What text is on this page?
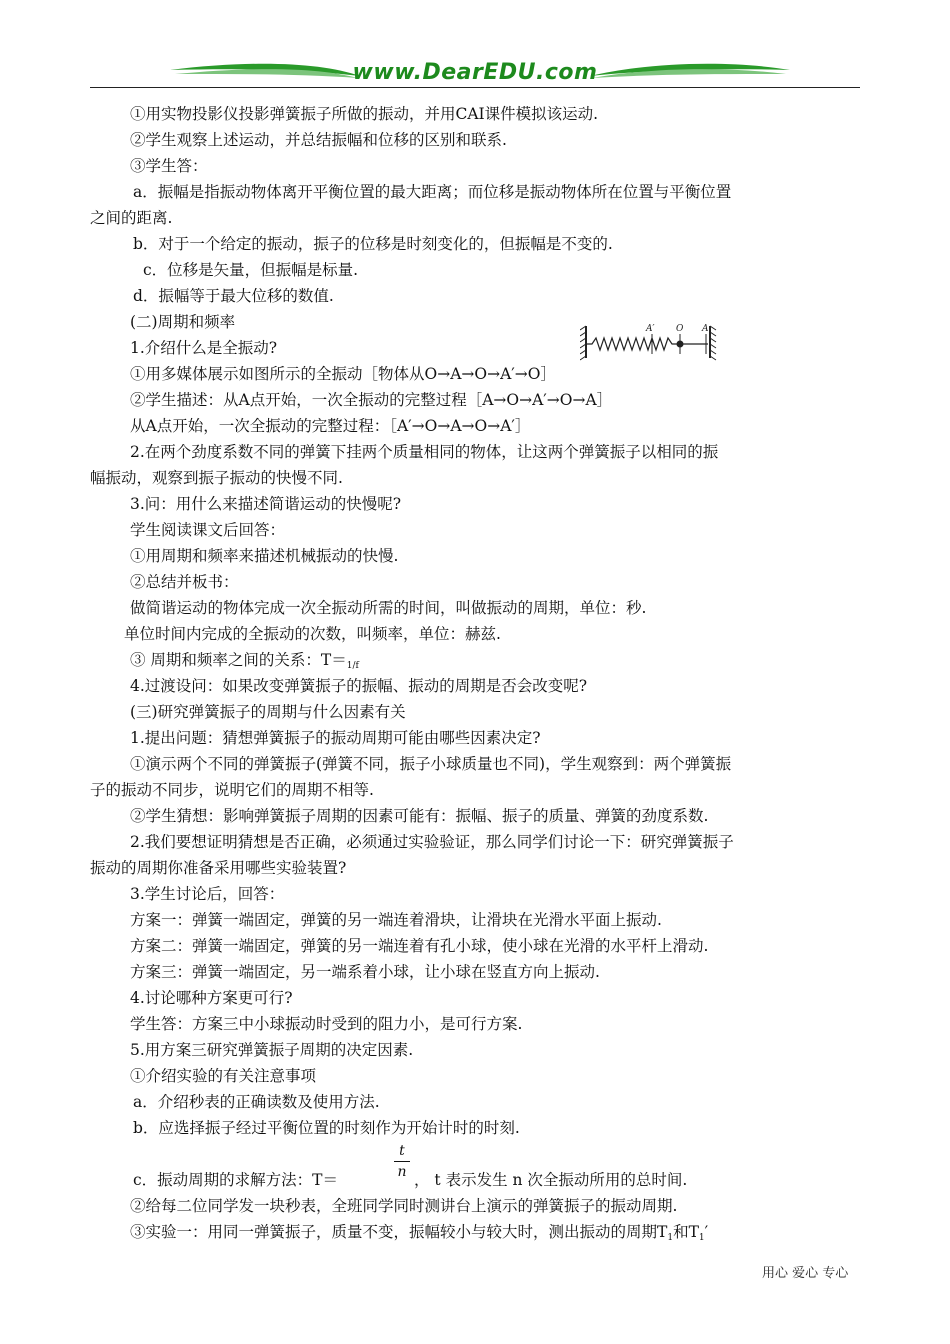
www.DearEDU.com
①用实物投影仪投影弹簧振子所做的振动，并用CAI课件模拟该运动.
②学生观察上述运动，并总结振幅和位移的区别和联系.
③学生答：
a．振幅是指振动物体离开平衡位置的最大距离；而位移是振动物体所在位置与平衡位置
之间的距离.
b．对于一个给定的振动，振子的位移是时刻变化的，但振幅是不变的.
c．位移是矢量，但振幅是标量.
d．振幅等于最大位移的数值.
(二)周期和频率	A′ O A
1.介绍什么是全振动?
①用多媒体展示如图所示的全振动［物体从O→A→O→A′→O］
②学生描述：从A点开始，一次全振动的完整过程［A→O→A′→O→A］
从A点开始，一次全振动的完整过程：［A′→O→A→O→A′］
2.在两个劲度系数不同的弹簧下挂两个质量相同的物体，让这两个弹簧振子以相同的振
幅振动，观察到振子振动的快慢不同.
3.问：用什么来描述简谐运动的快慢呢?
学生阅读课文后回答：
①用周期和频率来描述机械振动的快慢.
②总结并板书：
做简谐运动的物体完成一次全振动所需的时间，叫做振动的周期，单位：秒.
单位时间内完成的全振动的次数，叫频率，单位：赫兹.
③ 周期和频率之间的关系：$T=_{1/f}$
4.过渡设问：如果改变弹簧振子的振幅、振动的周期是否会改变呢?
(三)研究弹簧振子的周期与什么因素有关
1.提出问题：猜想弹簧振子的振动周期可能由哪些因素决定?
①演示两个不同的弹簧振子(弹簧不同，振子小球质量也不同)，学生观察到：两个弹簧振
子的振动不同步，说明它们的周期不相等.
②学生猜想：影响弹簧振子周期的因素可能有：振幅、振子的质量、弹簧的劲度系数.
2.我们要想证明猜想是否正确，必须通过实验验证，那么同学们讨论一下：研究弹簧振子
振动的周期你准备采用哪些实验装置?
3.学生讨论后，回答：
方案一：弹簧一端固定，弹簧的另一端连着滑块，让滑块在光滑水平面上振动.
方案二：弹簧一端固定，弹簧的另一端连着有孔小球，使小球在光滑的水平杆上滑动.
方案三：弹簧一端固定，另一端系着小球，让小球在竖直方向上振动.
4.讨论哪种方案更可行?
学生答：方案三中小球振动时受到的阻力小，是可行方案.
5.用方案三研究弹簧振子周期的决定因素.
①介绍实验的有关注意事项
a．介绍秒表的正确读数及使用方法.
b．应选择振子经过平衡位置的时刻作为开始计时的时刻.
t
n
c．振动周期的求解方法：T＝	， t 表示发生 n 次全振动所用的总时间.
②给每二位同学发一块秒表，全班同学同时测讲台上演示的弹簧振子的振动周期.
③实验一：用同一弹簧振子，质量不变，振幅较小与较大时，测出振动的周期$T_1$和$T_1'$
用心 爱心 专心
